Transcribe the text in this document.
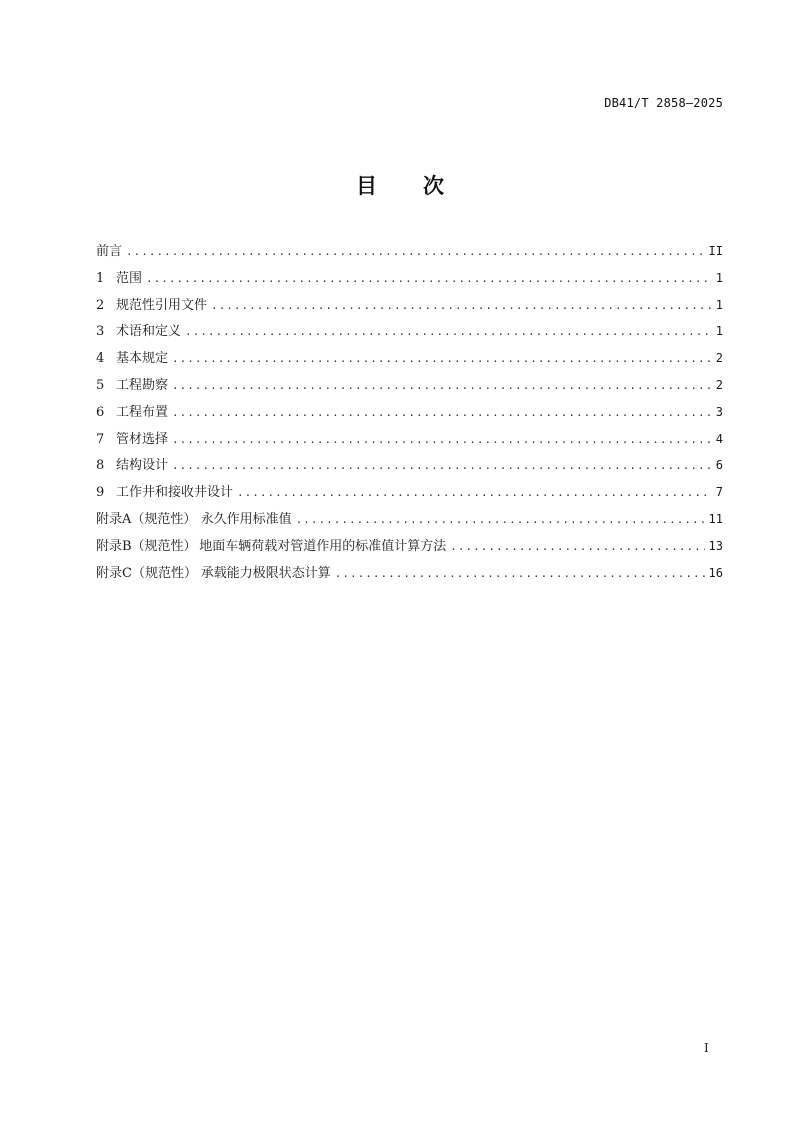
DB41/T 2858—2025
目 次
前言 .....	II
1 范围 .....	1
2 规范性引用文件 .....	1
3 术语和定义 .....	1
4 基本规定 .....	2
5 工程勘察 .....	2
6 工程布置 .....	3
7 管材选择 .....	4
8 结构设计 .....	6
9 工作井和接收井设计 .....	7
附录A（规范性） 永久作用标准值 .....	11
附录B（规范性） 地面车辆荷载对管道作用的标准值计算方法 .....	13
附录C（规范性） 承载能力极限状态计算 .....	16
I
